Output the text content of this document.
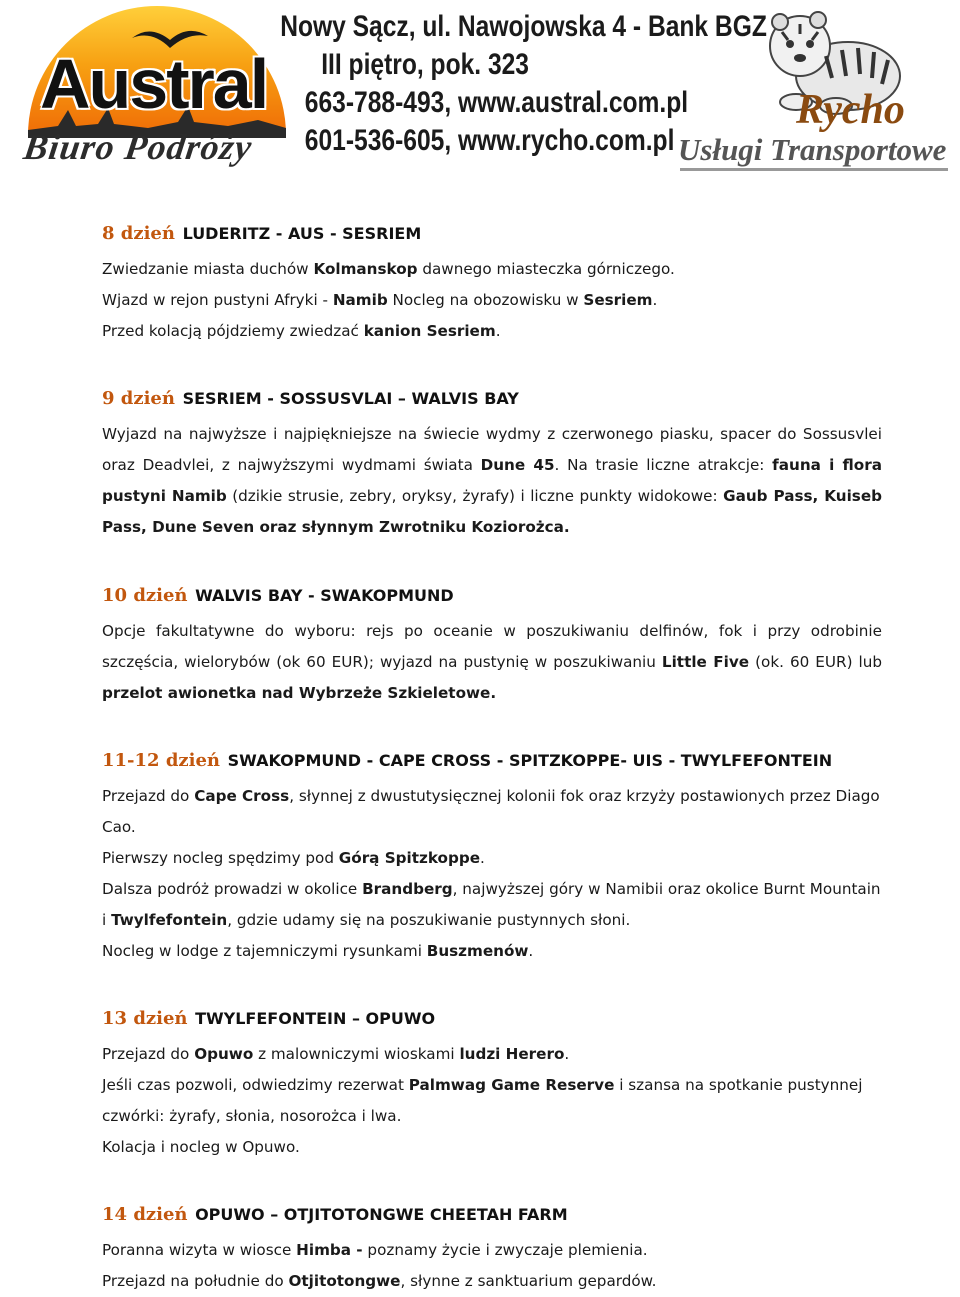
Austral
Biuro Podróży
Nowy Sącz, ul. Nawojowska 4 - Bank BGZ
III piętro, pok. 323
663-788-493, www.austral.com.pl
601-536-605, www.rycho.com.pl
Rycho
Usługi Transportowe
8 dzień LUDERITZ - AUS - SESRIEM
Zwiedzanie miasta duchów Kolmanskop dawnego miasteczka górniczego.
Wjazd w rejon pustyni Afryki - Namib Nocleg na obozowisku w Sesriem.
Przed kolacją pójdziemy zwiedzać kanion Sesriem.
9 dzień SESRIEM - SOSSUSVLAI – WALVIS BAY
Wyjazd na najwyższe i najpiękniejsze na świecie wydmy z czerwonego piasku, spacer do Sossusvlei oraz Deadvlei, z najwyższymi wydmami świata Dune 45. Na trasie liczne atrakcje: fauna i flora pustyni Namib (dzikie strusie, zebry, oryksy, żyrafy) i liczne punkty widokowe: Gaub Pass, Kuiseb Pass, Dune Seven oraz słynnym Zwrotniku Koziorożca.
10 dzień WALVIS BAY - SWAKOPMUND
Opcje fakultatywne do wyboru: rejs po oceanie w poszukiwaniu delfinów, fok i przy odrobinie szczęścia, wielorybów (ok 60 EUR); wyjazd na pustynię w poszukiwaniu Little Five (ok. 60 EUR) lub przelot awionetka nad Wybrzeże Szkieletowe.
11-12 dzień SWAKOPMUND - CAPE CROSS - SPITZKOPPE- UIS - TWYLFEFONTEIN
Przejazd do Cape Cross, słynnej z dwustutysięcznej kolonii fok oraz krzyży postawionych przez Diago Cao.
Pierwszy nocleg spędzimy pod Górą Spitzkoppe.
Dalsza podróż prowadzi w okolice Brandberg, najwyższej góry w Namibii oraz okolice Burnt Mountain i Twylfefontein, gdzie udamy się na poszukiwanie pustynnych słoni.
Nocleg w lodge z tajemniczymi rysunkami Buszmenów.
13 dzień TWYLFEFONTEIN – OPUWO
Przejazd do Opuwo z malowniczymi wioskami ludzi Herero.
Jeśli czas pozwoli, odwiedzimy rezerwat Palmwag Game Reserve i szansa na spotkanie pustynnej czwórki: żyrafy, słonia, nosorożca i lwa.
Kolacja i nocleg w Opuwo.
14 dzień OPUWO – OTJITOTONGWE CHEETAH FARM
Poranna wizyta w wiosce Himba - poznamy życie i zwyczaje plemienia.
Przejazd na południe do Otjitotongwe, słynne z sanktuarium gepardów.
